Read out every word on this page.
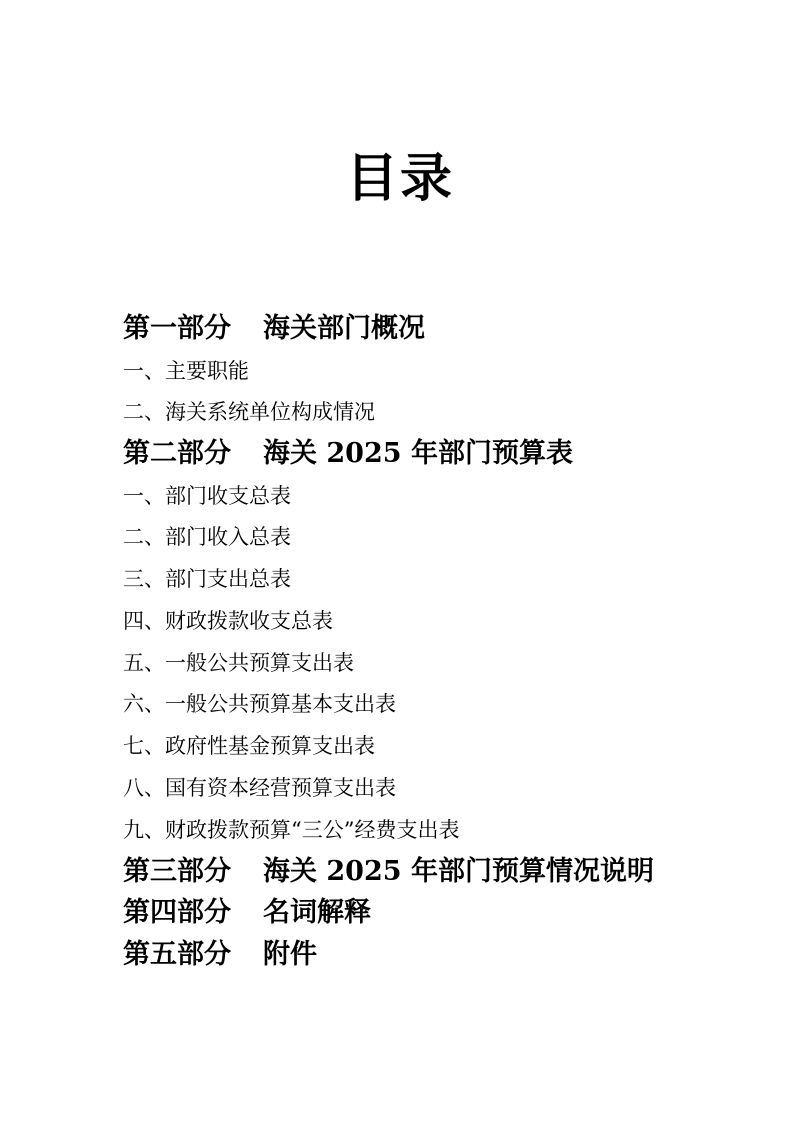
目录
第一部分 海关部门概况
一、主要职能
二、海关系统单位构成情况
第二部分 海关 2025 年部门预算表
一、部门收支总表
二、部门收入总表
三、部门支出总表
四、财政拨款收支总表
五、一般公共预算支出表
六、一般公共预算基本支出表
七、政府性基金预算支出表
八、国有资本经营预算支出表
九、财政拨款预算“三公”经费支出表
第三部分 海关 2025 年部门预算情况说明
第四部分 名词解释
第五部分 附件
